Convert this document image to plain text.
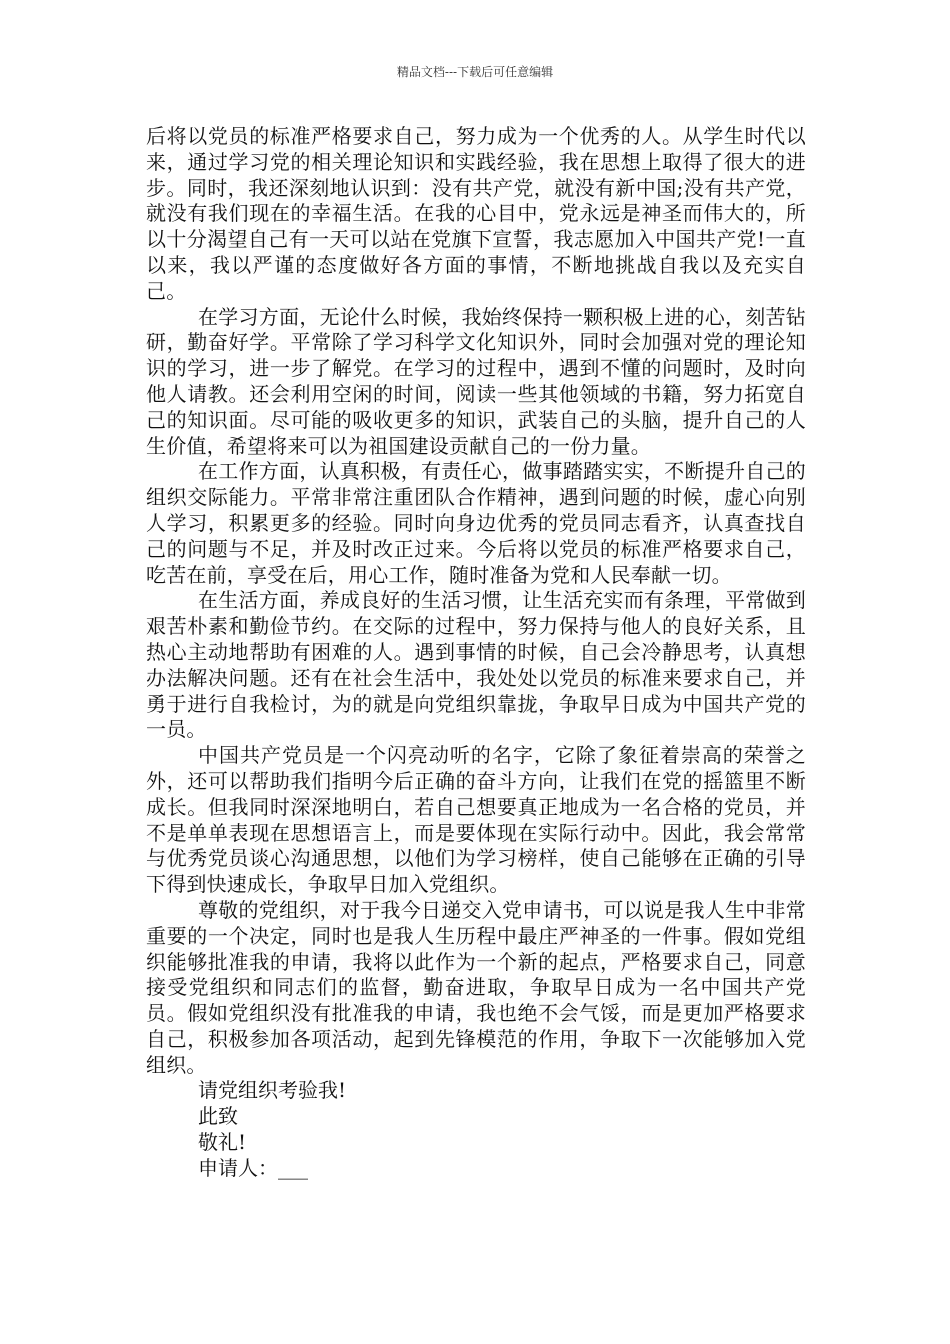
精品文档---下载后可任意编辑

后将以党员的标准严格要求自己，努力成为一个优秀的人。从学生时代以来，通过学习党的相关理论知识和实践经验，我在思想上取得了很大的进步。同时，我还深刻地认识到：没有共产党，就没有新中国;没有共产党，就没有我们现在的幸福生活。在我的心目中，党永远是神圣而伟大的，所以十分渴望自己有一天可以站在党旗下宣誓，我志愿加入中国共产党!一直以来，我以严谨的态度做好各方面的事情，不断地挑战自我以及充实自己。

在学习方面，无论什么时候，我始终保持一颗积极上进的心，刻苦钻研，勤奋好学。平常除了学习科学文化知识外，同时会加强对党的理论知识的学习，进一步了解党。在学习的过程中，遇到不懂的问题时，及时向他人请教。还会利用空闲的时间，阅读一些其他领域的书籍，努力拓宽自己的知识面。尽可能的吸收更多的知识，武装自己的头脑，提升自己的人生价值，希望将来可以为祖国建设贡献自己的一份力量。

在工作方面，认真积极，有责任心，做事踏踏实实，不断提升自己的组织交际能力。平常非常注重团队合作精神，遇到问题的时候，虚心向别人学习，积累更多的经验。同时向身边优秀的党员同志看齐，认真查找自己的问题与不足，并及时改正过来。今后将以党员的标准严格要求自己，吃苦在前，享受在后，用心工作，随时准备为党和人民奉献一切。

在生活方面，养成良好的生活习惯，让生活充实而有条理，平常做到艰苦朴素和勤俭节约。在交际的过程中，努力保持与他人的良好关系，且热心主动地帮助有困难的人。遇到事情的时候，自己会冷静思考，认真想办法解决问题。还有在社会生活中，我处处以党员的标准来要求自己，并勇于进行自我检讨，为的就是向党组织靠拢，争取早日成为中国共产党的一员。

中国共产党员是一个闪亮动听的名字，它除了象征着崇高的荣誉之外，还可以帮助我们指明今后正确的奋斗方向，让我们在党的摇篮里不断成长。但我同时深深地明白，若自己想要真正地成为一名合格的党员，并不是单单表现在思想语言上，而是要体现在实际行动中。因此，我会常常与优秀党员谈心沟通思想，以他们为学习榜样，使自己能够在正确的引导下得到快速成长，争取早日加入党组织。

尊敬的党组织，对于我今日递交入党申请书，可以说是我人生中非常重要的一个决定，同时也是我人生历程中最庄严神圣的一件事。假如党组织能够批准我的申请，我将以此作为一个新的起点，严格要求自己，同意接受党组织和同志们的监督，勤奋进取，争取早日成为一名中国共产党员。假如党组织没有批准我的申请，我也绝不会气馁，而是更加严格要求自己，积极参加各项活动，起到先锋模范的作用，争取下一次能够加入党组织。

请党组织考验我!

此致

敬礼!

申请人：___
